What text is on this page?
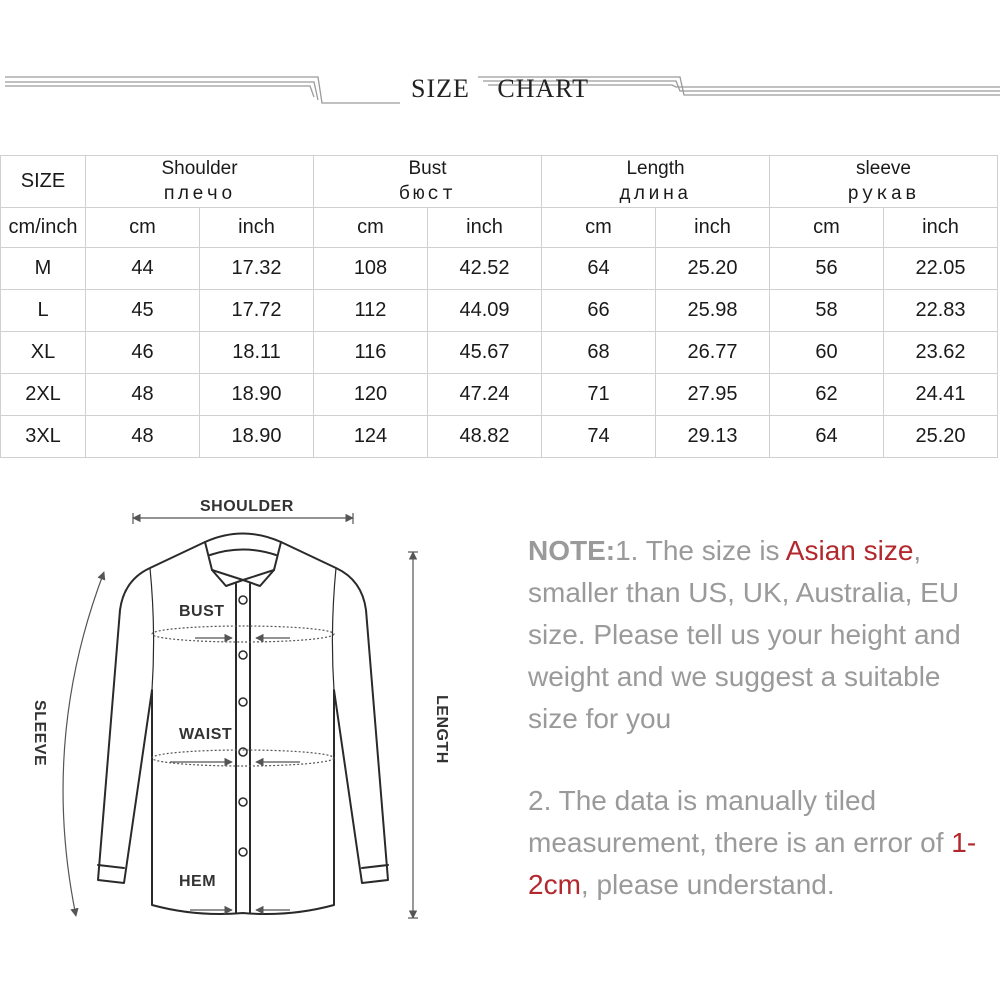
SIZE CHART
SIZE	Shoulder		Bust		Length		sleeve	
	плечо		бюст		длина		рукав	
cm/inch	cm	inch	cm	inch	cm	inch	cm	inch
M	44	17.32	108	42.52	64	25.20	56	22.05
L	45	17.72	112	44.09	66	25.98	58	22.83
XL	46	18.11	116	45.67	68	26.77	60	23.62
2XL	48	18.90	120	47.24	71	27.95	62	24.41
3XL	48	18.90	124	48.82	74	29.13	64	25.20
SHOULDER
BUST
WAIST
HEM
SLEEVE	LENGTH

NOTE:1. The size is Asian size, smaller than US, UK, Australia, EU size. Please tell us your height and weight and we suggest a suitable size for you

2. The data is manually tiled measurement, there is an error of 1-2cm, please understand.
